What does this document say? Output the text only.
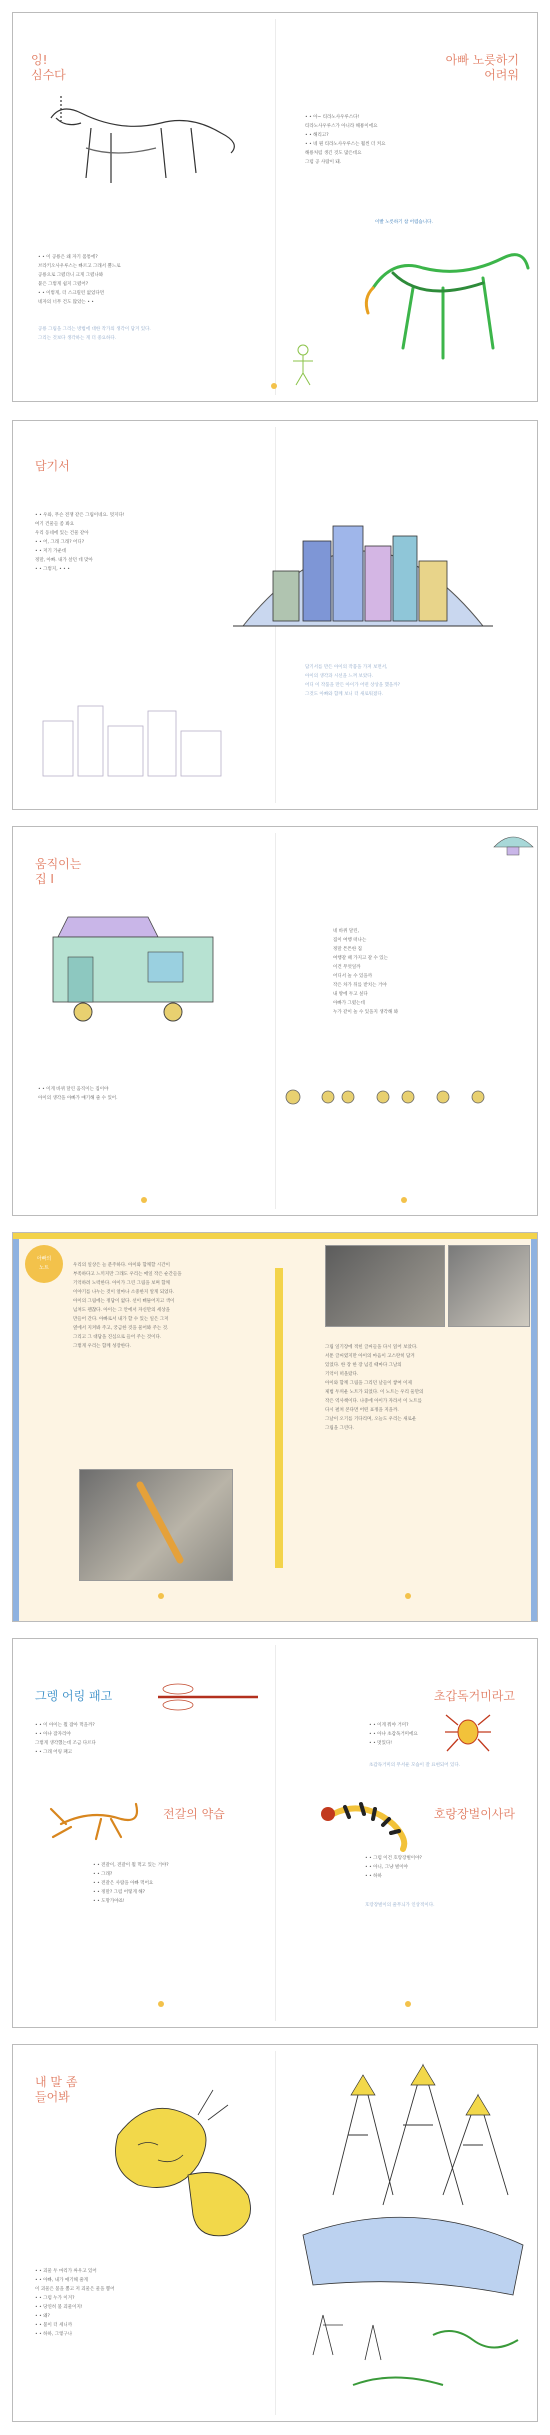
잉!
심수다
아빠 노릇하기
어려워
• • 이 공룡은 왜 자기 몸통에?
브라키오사우루스는 빠르고 그래서 뿔느로
공룡으로 그렸더니 크게 그렸나봐
붙은 그렇게 쉽지 그렸어?
• • 이렇게, 더 스크릴런 없었다면
네자의 너무 건도 많았는 • •
공룡 그림을 그리는 방법에 대한 작가의 생각이 담겨 있다.
그리는 것보다 생각하는 게 더 중요하다.
• • 아~ 티라노사우루스다!
티라노사우루스가 아니라 해룡이에요
• • 해리고?
• • 네 뭔 티라노사우루스는 훨씬 더 커요
해룡처럼 생긴 것도 많은데요
그럼 공 사람이 돼.
이빨 노릇하기 참 어렵습니다.
담기서
• • 우와, 무슨 전쟁 같은 그림이네요. 멋지다!
여기 건물들 좀 봐요
우리 동네에 있는 건물 같아
• • 어, 그래 그래? 어디?
• • 저기 가운데
정말, 아빠. 내가 살던 데 맞아
• • 그렇지, • • •
담기서를 만든 아이의 작품을 가져 보면서,
아이의 생각과 시선을 느껴 보았다.
어디 이 작품을 만든 아이가 어떤 상상을 했을까?
그것도 아빠와 함께 보니 더 새로워졌다.
움직이는
집 I
네 바퀴 달린,
집이 여행 떠나는
정말 튼튼한 집
여행갈 때 가지고 갈 수 있는
이건 무엇일까
어디서 놀 수 있을까
작은 차가 뒤를 받치는 거야
내 방에 두고 싶다
아빠가 그렸는데
누가 같이 놀 수 있을지 생각해 봐
• • 이게 바퀴 달린 움직이는 집이야
아이의 생각을 아빠가 얘기해 줄 수 있어.
아빠의
노트	우리의 일상은 늘 분주하다. 아이와 함께할 시간이
부족하다고 느끼지만 그래도 우리는 매일 작은 순간들을
기억하려 노력한다. 아이가 그린 그림을 보며 함께
이야기를 나누는 것이 얼마나 소중한지 알게 되었다.
아이의 그림에는 정답이 없다. 선이 삐뚤어지고 색이
넘쳐도 괜찮다. 아이는 그 안에서 자신만의 세상을
만들어 간다. 아빠로서 내가 할 수 있는 일은 그저
옆에서 지켜봐 주고, 궁금한 것을 물어봐 주는 것.
그리고 그 대답을 진심으로 들어 주는 것이다.
그렇게 우리는 함께 성장한다.	그림 일기장에 적힌 글씨들을 다시 읽어 보았다.
서툰 글씨였지만 아이의 마음이 고스란히 담겨
있었다. 한 장 한 장 넘길 때마다 그날의
기억이 떠올랐다.
아이와 함께 그림을 그리던 날들이 쌓여 이제
제법 두꺼운 노트가 되었다. 이 노트는 우리 둘만의
작은 역사책이다. 나중에 아이가 자라서 이 노트를
다시 펼쳐 본다면 어떤 표정을 지을까.
그날이 오기를 기다리며, 오늘도 우리는 새로운
그림을 그린다.
그렝 어링 패고
• • 이 아이는 뭘 잡아 먹을까?
• • 아냐 잠자리야
그렇게 생각했는데 조금 다르다
• • 그래 어링 패고
초갑독거미라고
• • 이게 뭐야 거미?
• • 아냐 초갑독거미에요
• • 멋있다!
초갑독거미의 무서운 모습이 잘 표현되어 있다.
전갈의 약습
• • 전갈이, 전갈이 뭘 먹고 있는 거야?
• • 그래?
• • 전갈은 사람을 아빠 먹어요
• • 정말? 그럼 어떻게 해?
• • 도망가야죠!
호랑장벌이사라
• • 그럼 이건 호랑장벌이야?
• • 아니, 그냥 벌이야
• • 하하
호랑장벌이의 줄무늬가 인상적이다.
내 말 좀
들어봐
• • 괴물 두 마리가 싸우고 있어
• • 아빠, 내가 얘기해 줄게
이 괴물은 불을 뿜고 저 괴물은 물을 뿜어
• • 그럼 누가 이겨?
• • 당연히 불 괴물이지!
• • 왜?
• • 불이 더 세니까
• • 하하, 그렇구나
